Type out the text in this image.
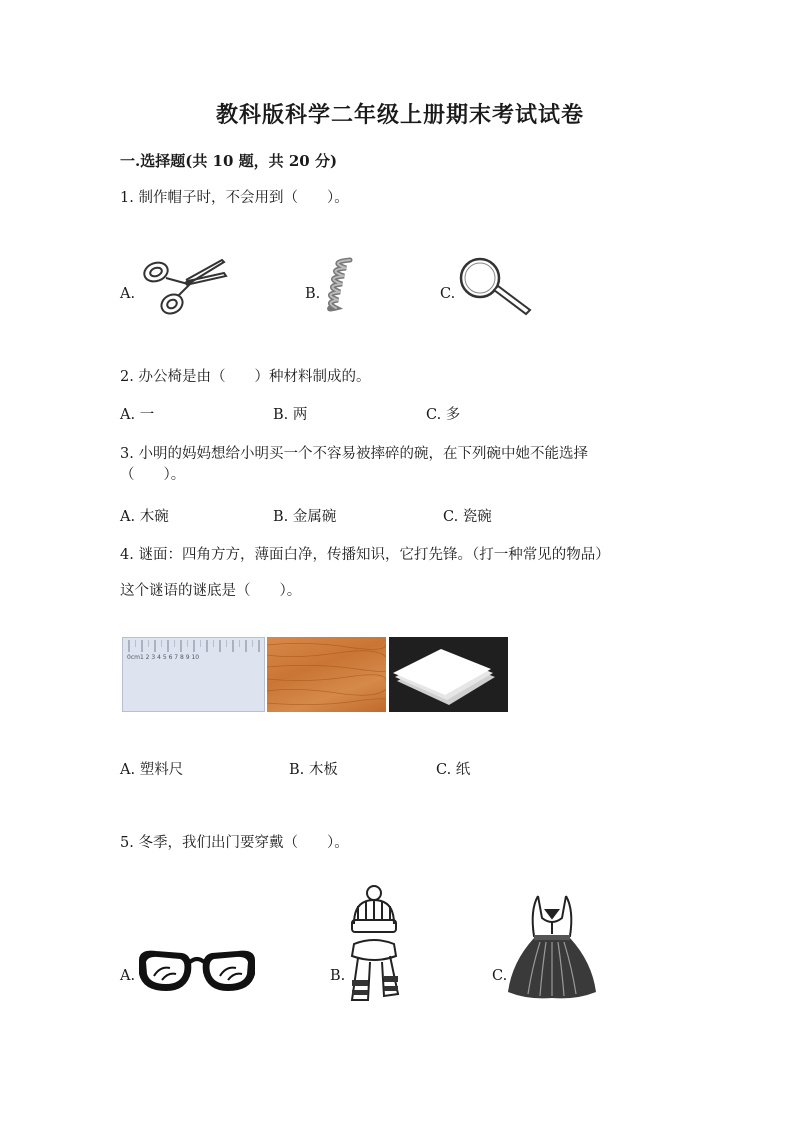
教科版科学二年级上册期末考试试卷
一.选择题(共 10 题，共 20 分)
1. 制作帽子时，不会用到（　　）。
A.	B.	C.
2. 办公椅是由（　　）种材料制成的。
A. 一	B. 两	C. 多
3. 小明的妈妈想给小明买一个不容易被摔碎的碗，在下列碗中她不能选择
（　　）。
A. 木碗	B. 金属碗	C. 瓷碗
4. 谜面：四角方方，薄面白净，传播知识，它打先锋。（打一种常见的物品）
这个谜语的谜底是（　　）。
0cm1 2 3 4 5 6 7 8 9 10
A. 塑料尺	B. 木板	C. 纸
5. 冬季，我们出门要穿戴（　　）。
A.	B.	C.
